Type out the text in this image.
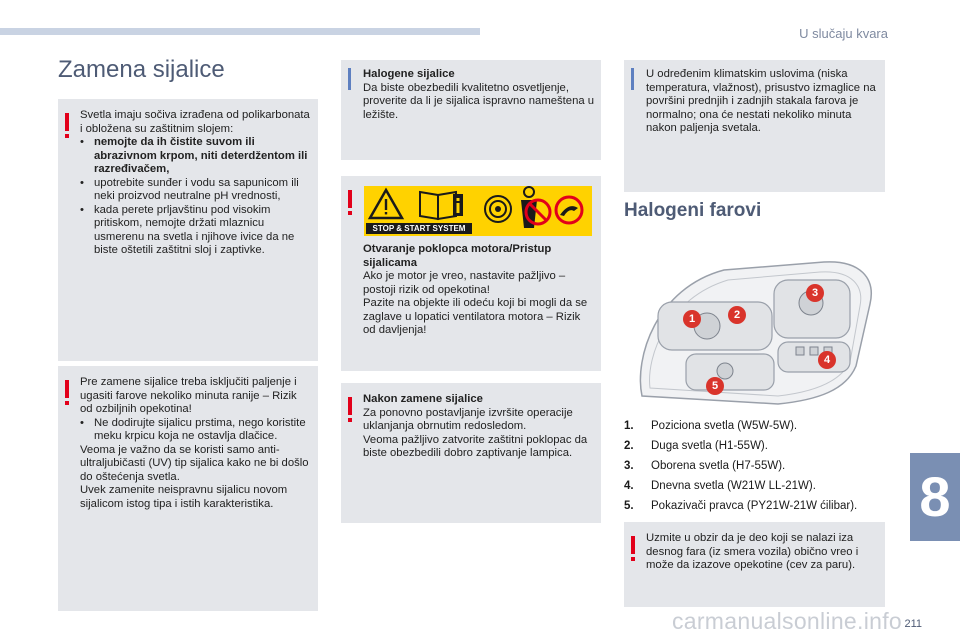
U slučaju kvara
Zamena sijalice
Svetla imaju sočiva izrađena od polikarbonata i obložena su zaštitnim slojem:
• nemojte da ih čistite suvom ili abrazivnom krpom, niti deterdžentom ili razređivačem,
• upotrebite sunđer i vodu sa sapunicom ili neki proizvod neutralne pH vrednosti,
• kada perete prljavštinu pod visokim pritiskom, nemojte držati mlaznicu usmerenu na svetla i njihove ivice da ne biste oštetili zaštitni sloj i zaptivke.
Pre zamene sijalice treba isključiti paljenje i ugasiti farove nekoliko minuta ranije – Rizik od ozbiljnih opekotina!
• Ne dodirujte sijalicu prstima, nego koristite meku krpicu koja ne ostavlja dlačice.
Veoma je važno da se koristi samo anti-ultraljubičasti (UV) tip sijalica kako ne bi došlo do oštećenja svetla.
Uvek zamenite neispravnu sijalicu novom sijalicom istog tipa i istih karakteristika.
Halogene sijalice
Da biste obezbedili kvalitetno osvetljenje, proverite da li je sijalica ispravno nameštena u ležište.
Otvaranje poklopca motora/Pristup sijalicama
Ako je motor je vreo, nastavite pažljivo – postoji rizik od opekotina!
Pazite na objekte ili odeću koji bi mogli da se zaglave u lopatici ventilatora motora – Rizik od davljenja!
STOP & START SYSTEM
Nakon zamene sijalice
Za ponovno postavljanje izvršite operacije uklanjanja obrnutim redosledom.
Veoma pažljivo zatvorite zaštitni poklopac da biste obezbedili dobro zaptivanje lampica.
U određenim klimatskim uslovima (niska temperatura, vlažnost), prisustvo izmaglice na površini prednjih i zadnjih stakala farova je normalno; ona će nestati nekoliko minuta nakon paljenja svetala.
Halogeni farovi
1	2
3
4
5
1. Poziciona svetla (W5W-5W).
2. Duga svetla (H1-55W).
3. Oborena svetla (H7-55W).
4. Dnevna svetla (W21W LL-21W).
5. Pokazivači pravca (PY21W-21W ćilibar).
Uzmite u obzir da je deo koji se nalazi iza desnog fara (iz smera vozila) obično vreo i može da izazove opekotine (cev za paru).
8
carmanualsonline.info 211
